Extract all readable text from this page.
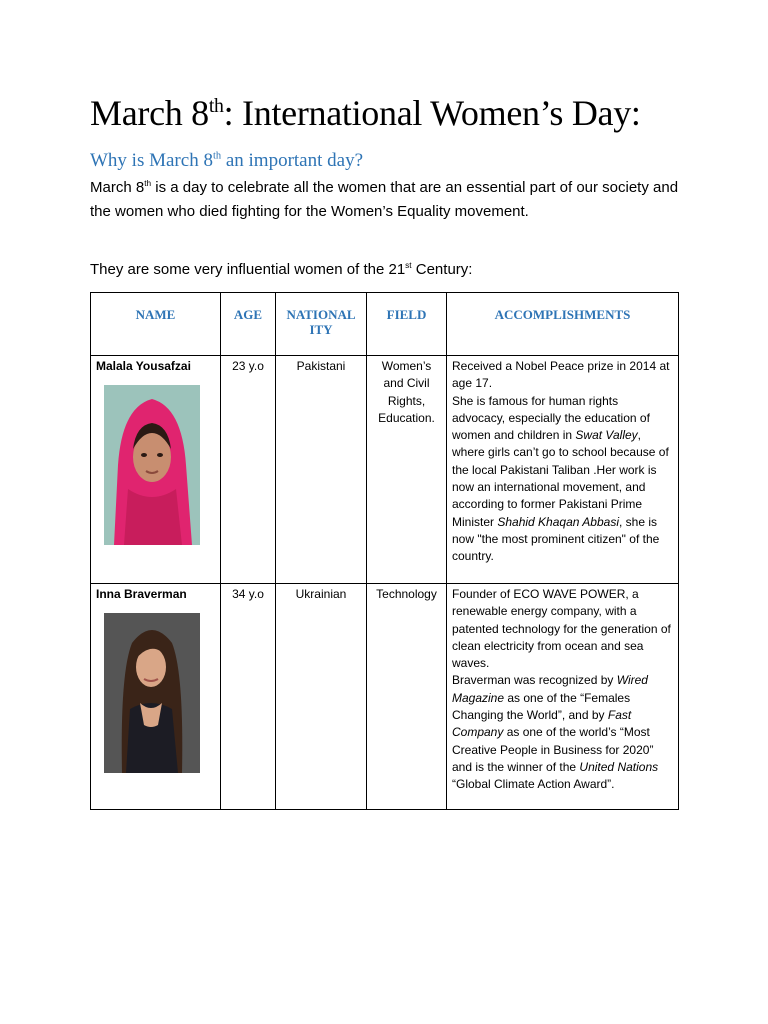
March 8th: International Women’s Day:
Why is March 8th an important day?

March 8th is a day to celebrate all the women that are an essential part of our society and the women who died fighting for the Women’s Equality movement.

They are some very influential women of the 21st Century:

NAME	AGE	NATIONAL ITY	FIELD	ACCOMPLISHMENTS
Malala Yousafzai	23 y.o	Pakistani	Women’s and Civil Rights, Education.	Received a Nobel Peace prize in 2014 at age 17.

She is famous for human rights advocacy, especially the education of women and children in Swat Valley, where girls can’t go to school because of the local Pakistani Taliban .Her work is now an international movement, and according to former Pakistani Prime Minister Shahid Khaqan Abbasi, she is now "the most prominent citizen" of the country.

Inna Braverman	34 y.o	Ukrainian	Technology	Founder of ECO WAVE POWER, a renewable energy company, with a patented technology for the generation of clean electricity from ocean and sea waves.

Braverman was recognized by Wired Magazine as one of the “Females Changing the World”, and by Fast Company as one of the world’s “Most Creative People in Business for 2020” and is the winner of the United Nations “Global Climate Action Award”.
